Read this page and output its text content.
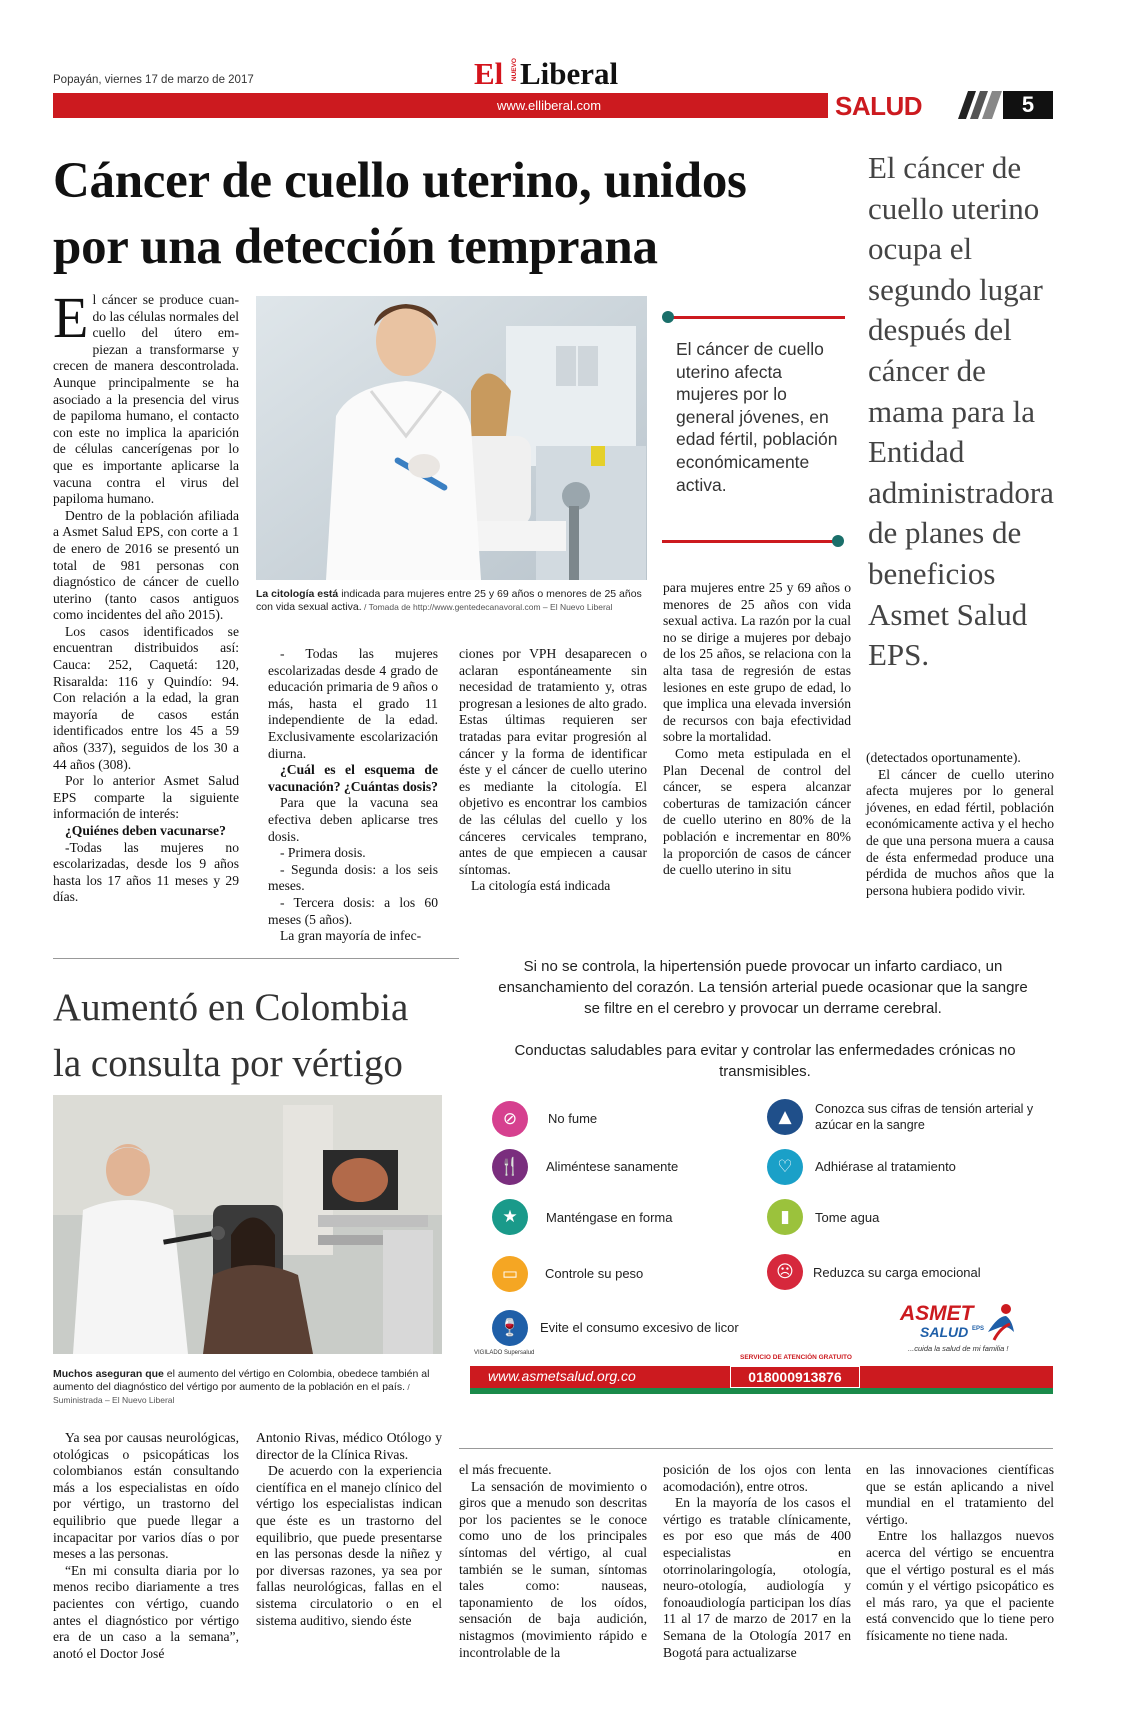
Popayán, viernes 17 de marzo de 2017	El NUEVO Liberal
www.elliberal.com	SALUD	5
Cáncer de cuello uterino, unidos
por una detección temprana
E l cáncer se produce cuan- do las células normales del cuello del útero em- piezan a transformarse y crecen de manera descontrolada. Aunque principalmente se ha asociado a la presencia del virus de papiloma humano, el contacto con este no implica la aparición de células cancerígenas por lo que es importante aplicarse la vacuna contra el virus del papiloma humano.

Dentro de la población afiliada a Asmet Salud EPS, con corte a 1 de enero de 2016 se presentó un total de 981 personas con diagnóstico de cáncer de cuello uterino (tanto casos antiguos como incidentes del año 2015).

Los casos identificados se encuentran distribuidos así: Cauca: 252, Caquetá: 120, Risaralda: 116 y Quindío: 94. Con relación a la edad, la gran mayoría de casos están identificados entre los 45 a 59 años (337), seguidos de los 30 a 44 años (308).

Por lo anterior Asmet Salud EPS comparte la siguiente información de interés:

¿Quiénes deben vacunarse?

-Todas las mujeres no escolarizadas, desde los 9 años hasta los 17 años 11 meses y 29 días.

La citología está indicada para mujeres entre 25 y 69 años o menores de 25 años con vida sexual activa. / Tomada de http://www.gentedecanavoral.com – El Nuevo Liberal

- Todas las mujeres escolarizadas desde 4 grado de educación primaria de 9 años o más, hasta el grado 11 independiente de la edad. Exclusivamente escolarización diurna.

¿Cuál es el esquema de vacunación? ¿Cuántas dosis?

Para que la vacuna sea efectiva deben aplicarse tres dosis.

- Primera dosis.

- Segunda dosis: a los seis meses.

- Tercera dosis: a los 60 meses (5 años).

La gran mayoría de infec-

ciones por VPH desaparecen o aclaran espontáneamente sin necesidad de tratamiento y, otras progresan a lesiones de alto grado. Estas últimas requieren ser tratadas para evitar progresión al cáncer y la forma de identificar éste y el cáncer de cuello uterino es mediante la citología. El objetivo es encontrar los cambios de las células del cuello y los cánceres cervicales temprano, antes de que empiecen a causar síntomas.

La citología está indicada

El cáncer de cuello uterino afecta mujeres por lo general jóvenes, en edad fértil, población económicamente activa.

para mujeres entre 25 y 69 años o menores de 25 años con vida sexual activa. La razón por la cual no se dirige a mujeres por debajo de los 25 años, se relaciona con la alta tasa de regresión de estas lesiones en este grupo de edad, lo que implica una elevada inversión de recursos con baja efectividad sobre la mortalidad.

Como meta estipulada en el Plan Decenal de control del cáncer, se espera alcanzar coberturas de tamización cáncer de cuello uterino en 80% de la población e incrementar en 80% la proporción de casos de cáncer de cuello uterino in situ

El cáncer de cuello uterino ocupa el segundo lugar después del cáncer de mama para la Entidad administradora de planes de beneficios Asmet Salud EPS.

(detectados oportunamente).

El cáncer de cuello uterino afecta mujeres por lo general jóvenes, en edad fértil, población económicamente activa y el hecho de que una persona muera a causa de ésta enfermedad produce una pérdida de muchos años que la persona hubiera podido vivir.

Aumentó en Colombia
la consulta por vértigo
Muchos aseguran que el aumento del vértigo en Colombia, obedece también al aumento del diagnóstico del vértigo por aumento de la población en el país. / Suministrada – El Nuevo Liberal

Ya sea por causas neurológicas, otológicas o psicopáticas los colombianos están consultando más a los especialistas en oído por vértigo, un trastorno del equilibrio que puede llegar a incapacitar por varios días o por meses a las personas.

“En mi consulta diaria por lo menos recibo diariamente a tres pacientes con vértigo, cuando antes el diagnóstico por vértigo era de un caso a la semana”, anotó el Doctor José

Antonio Rivas, médico Otólogo y director de la Clínica Rivas.

De acuerdo con la experiencia científica en el manejo clínico del vértigo los especialistas indican que éste es un trastorno del equilibrio, que puede presentarse en las personas desde la niñez y por diversas razones, ya sea por fallas neurológicas, fallas en el sistema circulatorio o en el sistema auditivo, siendo éste

el más frecuente.

La sensación de movimiento o giros que a menudo son descritas por los pacientes se le conoce como uno de los principales síntomas del vértigo, al cual también se le suman, síntomas tales como: nauseas, taponamiento de los oídos, sensación de baja audición, nistagmos (movimiento rápido e incontrolable de la

posición de los ojos con lenta acomodación), entre otros.

En la mayoría de los casos el vértigo es tratable clínicamente, es por eso que más de 400 especialistas en otorrinolaringología, otología, neuro-otología, audiología y fonoaudiología participan los días 11 al 17 de marzo de 2017 en la Semana de la Otología 2017 en Bogotá para actualizarse

en las innovaciones científicas que se están aplicando a nivel mundial en el tratamiento del vértigo.

Entre los hallazgos nuevos acerca del vértigo se encuentra que el vértigo postural es el más común y el vértigo psicopático es el más raro, ya que el paciente está convencido que lo tiene pero físicamente no tiene nada.

Si no se controla, la hipertensión puede provocar un infarto cardiaco, un ensanchamiento del corazón. La tensión arterial puede ocasionar que la sangre se filtre en el cerebro y provocar un derrame cerebral.
Conductas saludables para evitar y controlar las enfermedades crónicas no transmisibles.
⊘	No fume
🍴	Aliméntese sanamente
★	Manténgase en forma
▭	Controle su peso
🍷	Evite el consumo excesivo de licor
▲	Conozca sus cifras de tensión arterial y azúcar en la sangre
♡	Adhiérase al tratamiento
▮	Tome agua
☹	Reduzca su carga emocional
VIGILADO Supersalud
www.asmetsalud.org.co
SERVICIO DE ATENCIÓN GRATUITO
018000913876
ASMET
SALUD EPS
...cuida la salud de mi familia !
